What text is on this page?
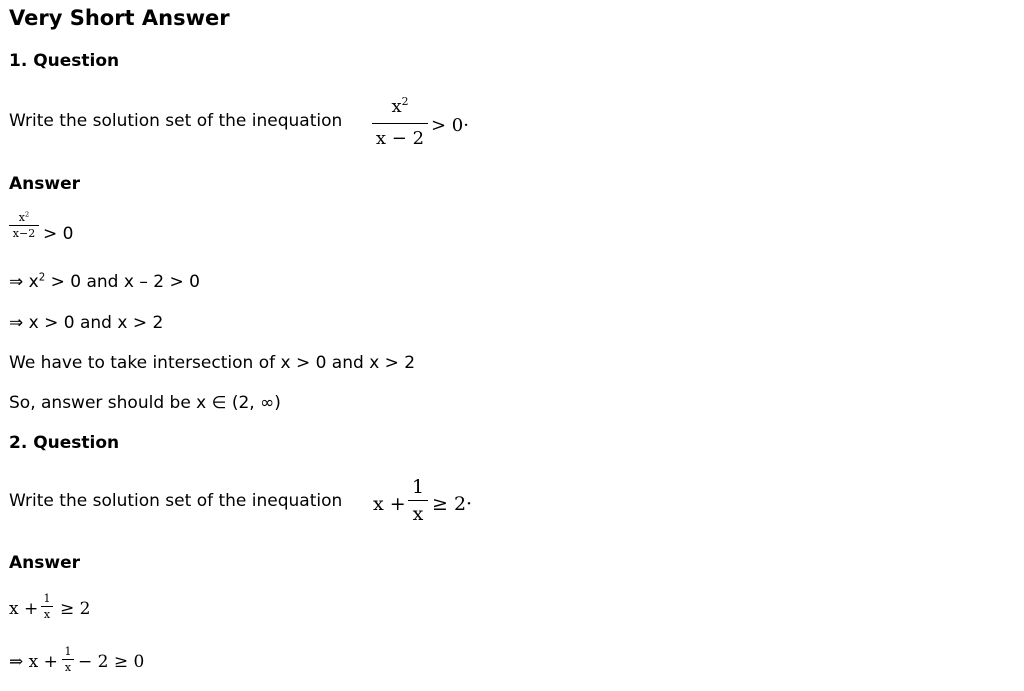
Very Short Answer
1. Question
Write the solution set of the inequation
$x^2$
x − 2
> 0·
Answer
$x^2$
x−2 > 0
⇒ $x^2 > 0$ and x – 2 > 0
⇒ x > 0 and x > 2
We have to take intersection of x > 0 and x > 2
So, answer should be x ∈ (2, ∞)
2. Question
Write the solution set of the inequation x +
1
x ≥ 2·
Answer
x +
1
x ≥ 2
⇒ x +
1
x − 2 ≥ 0
